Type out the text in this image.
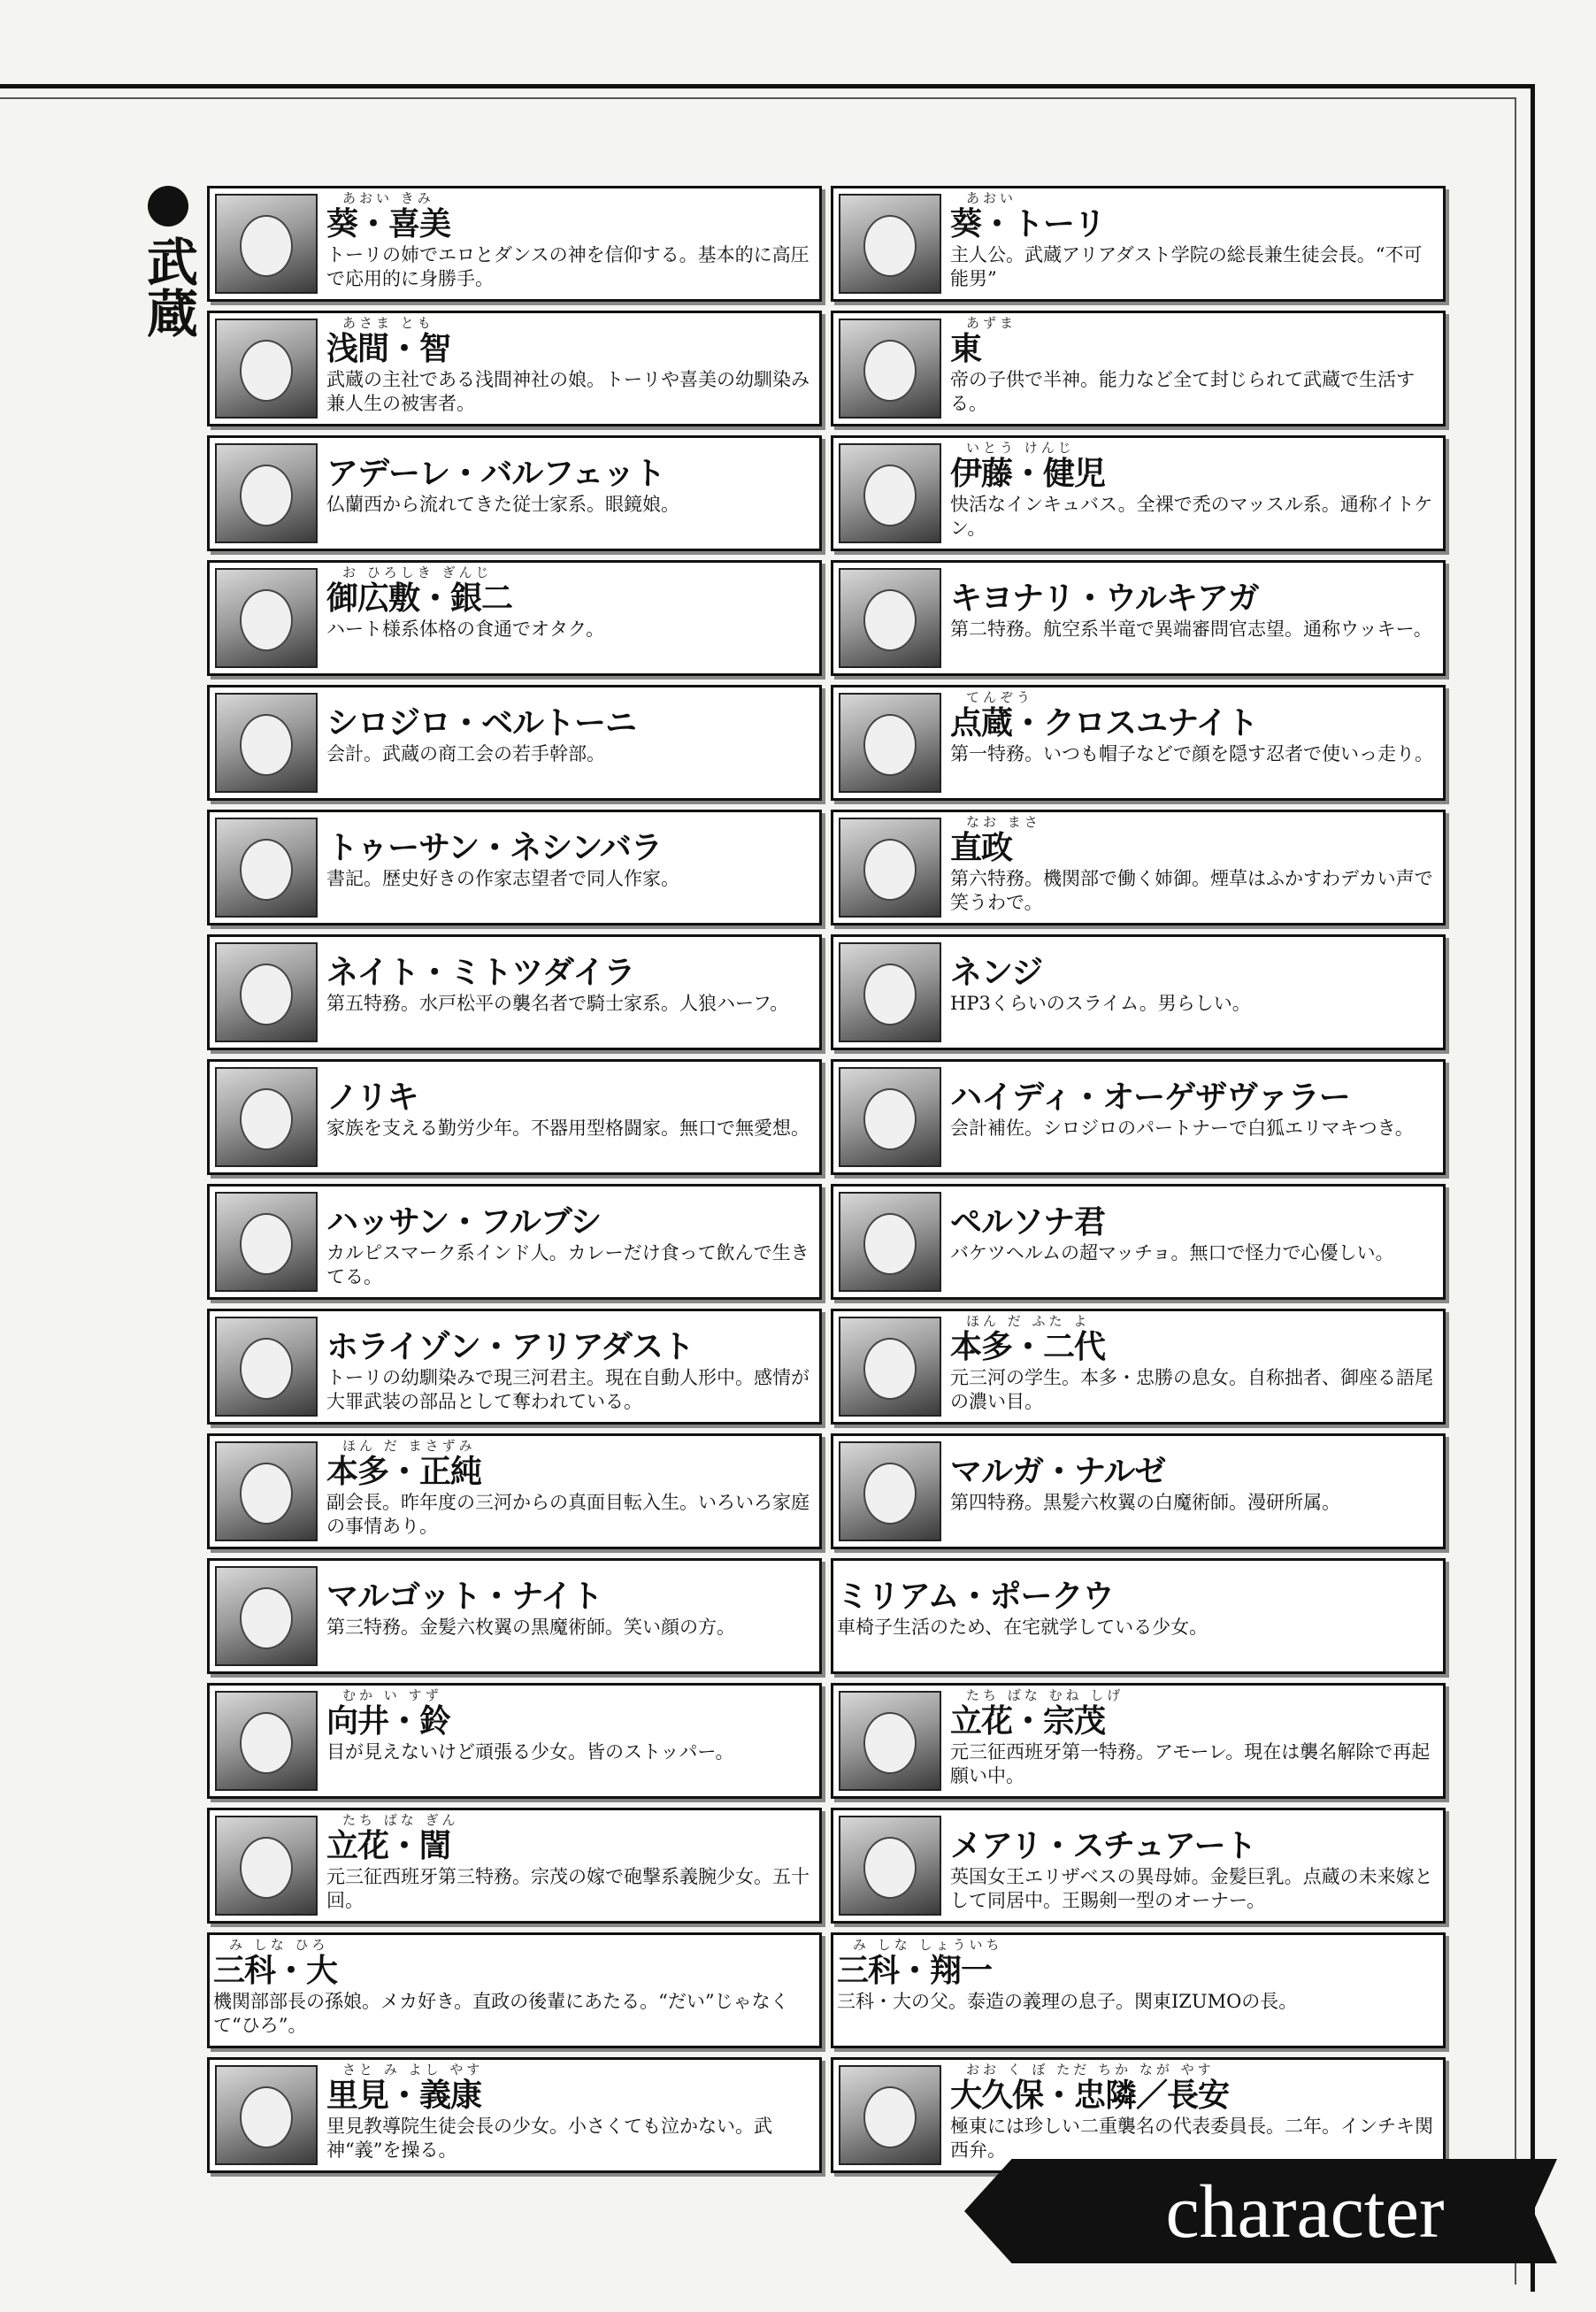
武蔵
あおい きみ
葵・喜美
トーリの姉でエロとダンスの神を信仰する。基本的に高圧で応用的に身勝手。
あおい
葵・トーリ
主人公。武蔵アリアダスト学院の総長兼生徒会長。“不可能男”
あさま とも
浅間・智
武蔵の主社である浅間神社の娘。トーリや喜美の幼馴染み兼人生の被害者。
あずま
東
帝の子供で半神。能力など全て封じられて武蔵で生活する。
アデーレ・バルフェット
仏蘭西から流れてきた従士家系。眼鏡娘。
いとう けんじ
伊藤・健児
快活なインキュバス。全裸で禿のマッスル系。通称イトケン。
お ひろしき ぎんじ
御広敷・銀二
ハート様系体格の食通でオタク。
キヨナリ・ウルキアガ
第二特務。航空系半竜で異端審問官志望。通称ウッキー。
シロジロ・ベルトーニ
会計。武蔵の商工会の若手幹部。
てんぞう
点蔵・クロスユナイト
第一特務。いつも帽子などで顔を隠す忍者で使いっ走り。
トゥーサン・ネシンバラ
書記。歴史好きの作家志望者で同人作家。
なお まさ
直政
第六特務。機関部で働く姉御。煙草はふかすわデカい声で笑うわで。
ネイト・ミトツダイラ
第五特務。水戸松平の襲名者で騎士家系。人狼ハーフ。
ネンジ
HP3くらいのスライム。男らしい。
ノリキ
家族を支える勤労少年。不器用型格闘家。無口で無愛想。
ハイディ・オーゲザヴァラー
会計補佐。シロジロのパートナーで白狐エリマキつき。
ハッサン・フルブシ
カルピスマーク系インド人。カレーだけ食って飲んで生きてる。
ペルソナ君
バケツヘルムの超マッチョ。無口で怪力で心優しい。
ホライゾン・アリアダスト
トーリの幼馴染みで現三河君主。現在自動人形中。感情が大罪武装の部品として奪われている。
ほん だ ふた よ
本多・二代
元三河の学生。本多・忠勝の息女。自称拙者、御座る語尾の濃い目。
ほん だ まさずみ
本多・正純
副会長。昨年度の三河からの真面目転入生。いろいろ家庭の事情あり。
マルガ・ナルゼ
第四特務。黒髪六枚翼の白魔術師。漫研所属。
マルゴット・ナイト
第三特務。金髪六枚翼の黒魔術師。笑い顔の方。
ミリアム・ポークウ
車椅子生活のため、在宅就学している少女。
むか い すず
向井・鈴
目が見えないけど頑張る少女。皆のストッパー。
たち ばな むね しげ
立花・宗茂
元三征西班牙第一特務。アモーレ。現在は襲名解除で再起願い中。
たち ばな ぎん
立花・誾
元三征西班牙第三特務。宗茂の嫁で砲撃系義腕少女。五十回。
メアリ・スチュアート
英国女王エリザベスの異母姉。金髪巨乳。点蔵の未来嫁として同居中。王賜剣一型のオーナー。
み しな ひろ
三科・大
機関部部長の孫娘。メカ好き。直政の後輩にあたる。“だい”じゃなくて“ひろ”。
み しな しょういち
三科・翔一
三科・大の父。泰造の義理の息子。関東IZUMOの長。
さと み よし やす
里見・義康
里見教導院生徒会長の少女。小さくても泣かない。武神“義”を操る。
おお く ぼ ただ ちか なが やす
大久保・忠隣／長安
極東には珍しい二重襲名の代表委員長。二年。インチキ関西弁。
character
